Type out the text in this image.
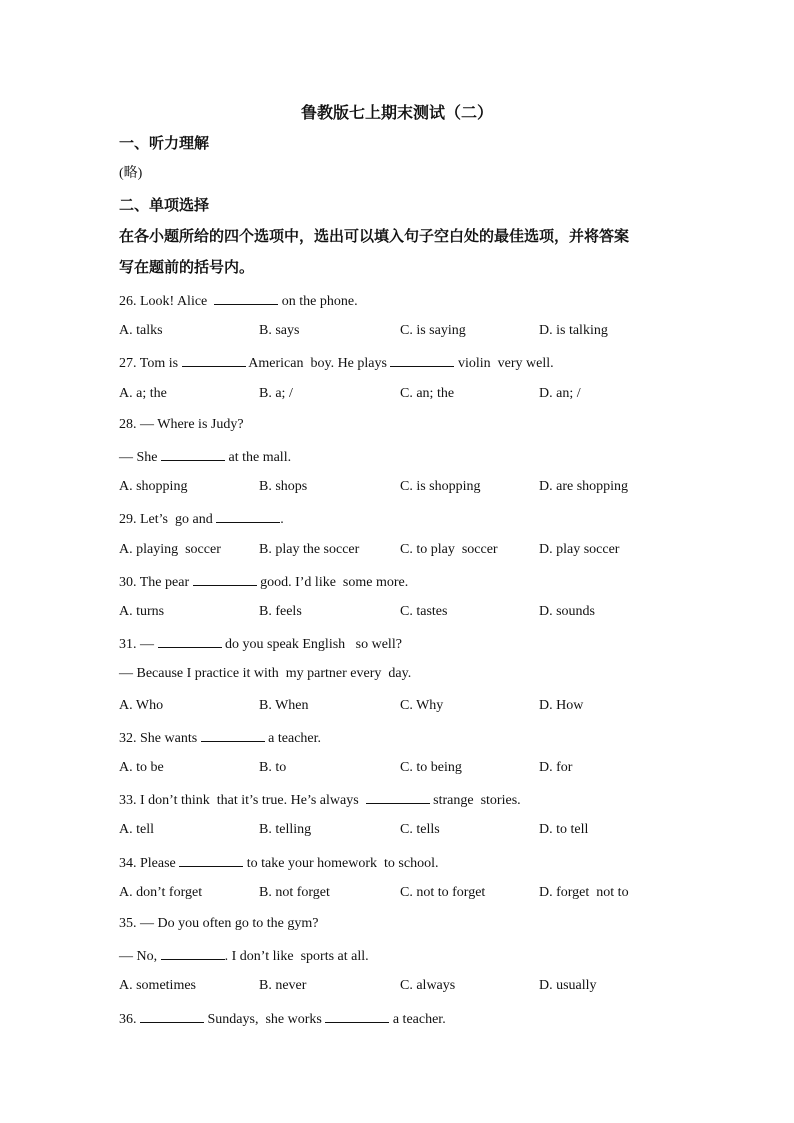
鲁教版七上期末测试（二）
一、听力理解
(略)
二、单项选择
在各小题所给的四个选项中，选出可以填入句子空白处的最佳选项，并将答案
写在题前的括号内。
26. Look! Alice	on the phone.
A. talks	B. says	C. is saying	D. is talking
27. Tom is	American  boy. He plays	violin  very well.
A. a; the	B. a; /	C. an; the	D. an; /
28. — Where is Judy?
— She	at the mall.
A. shopping	B. shops	C. is shopping	D. are shopping
29. Let’s  go and	.
A. playing  soccer	B. play the soccer	C. to play  soccer	D. play soccer
30. The pear	good. I’d like  some more.
A. turns	B. feels	C. tastes	D. sounds
31. —	do you speak English   so well?
— Because I practice it with  my partner every  day.
A. Who	B. When	C. Why	D. How
32. She wants	a teacher.
A. to be	B. to	C. to being	D. for
33. I don’t think  that it’s true. He’s always	strange  stories.
A. tell	B. telling	C. tells	D. to tell
34. Please	to take your homework  to school.
A. don’t forget	B. not forget	C. not to forget	D. forget  not to
35. — Do you often go to the gym?
— No,	. I don’t like  sports at all.
A. sometimes	B. never	C. always	D. usually
36.	Sundays,  she works	a teacher.
